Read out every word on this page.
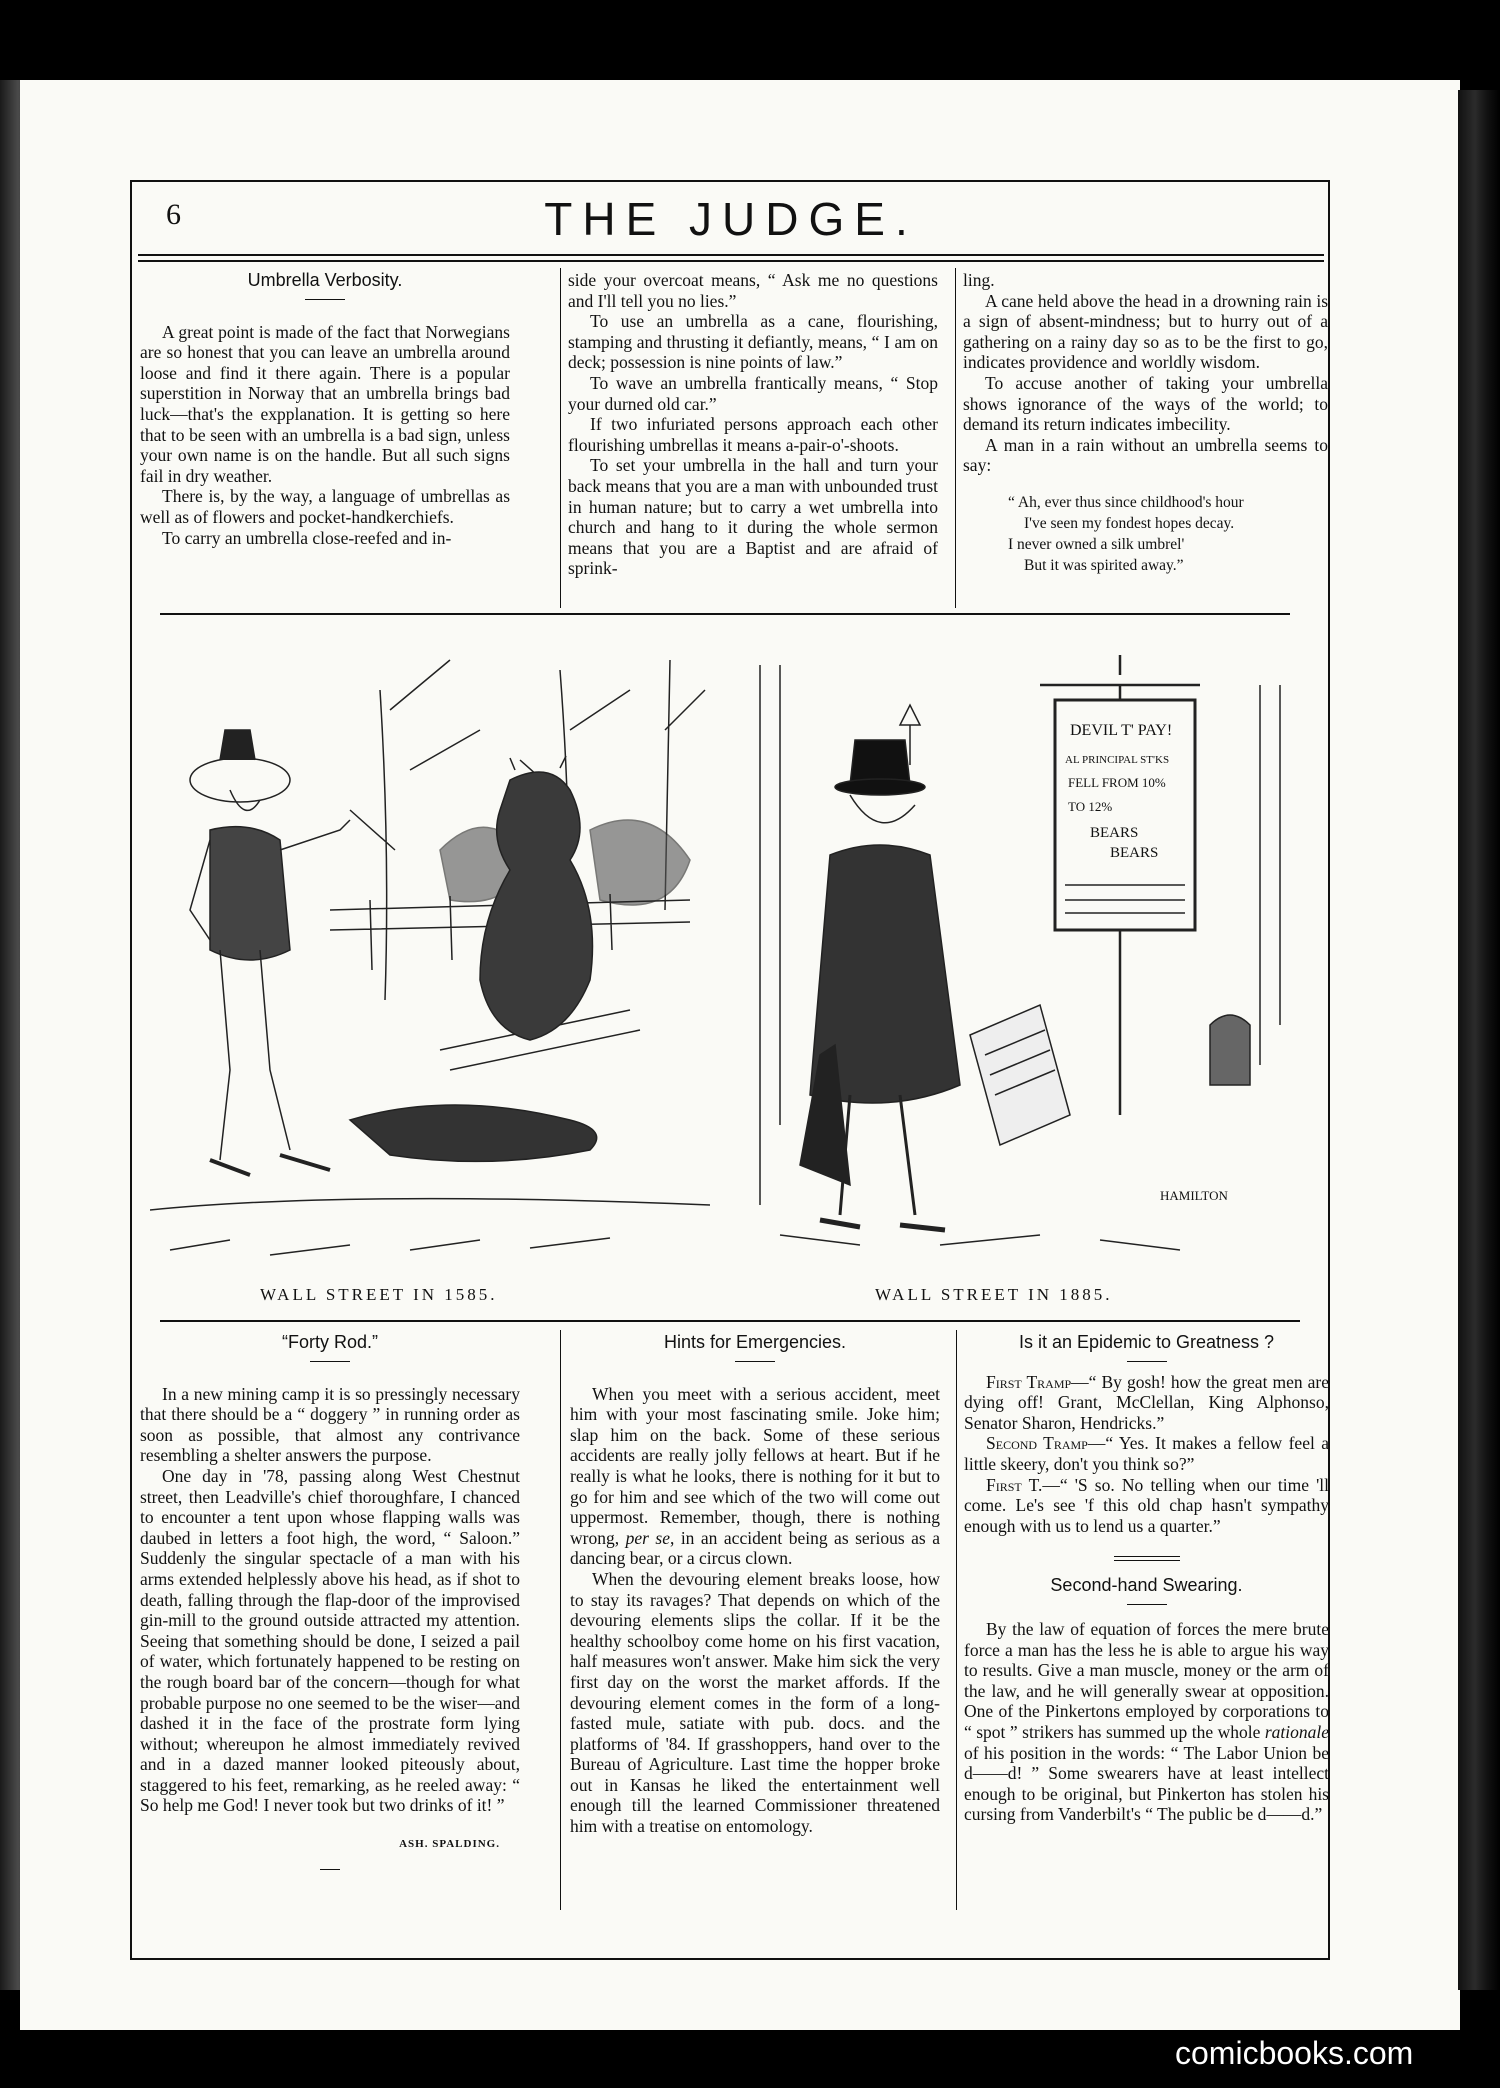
6	THE JUDGE.
Umbrella Verbosity.

A great point is made of the fact that Norwegians are so honest that you can leave an umbrella around loose and find it there again. There is a popular superstition in Norway that an umbrella brings bad luck—that's the expplanation. It is getting so here that to be seen with an umbrella is a bad sign, unless your own name is on the handle. But all such signs fail in dry weather.

There is, by the way, a language of umbrellas as well as of flowers and pocket-handkerchiefs.

To carry an umbrella close-reefed and in-

side your overcoat means, “ Ask me no questions and I'll tell you no lies.”

To use an umbrella as a cane, flourishing, stamping and thrusting it defiantly, means, “ I am on deck; possession is nine points of law.”

To wave an umbrella frantically means, “ Stop your durned old car.”

If two infuriated persons approach each other flourishing umbrellas it means a-pair-o'-shoots.

To set your umbrella in the hall and turn your back means that you are a man with unbounded trust in human nature; but to carry a wet umbrella into church and hang to it during the whole sermon means that you are a Baptist and are afraid of sprink-

ling.

A cane held above the head in a drowning rain is a sign of absent-mindness; but to hurry out of a gathering on a rainy day so as to be the first to go, indicates providence and worldly wisdom.

To accuse another of taking your umbrella shows ignorance of the ways of the world; to demand its return indicates imbecility.

A man in a rain without an umbrella seems to say:

“ Ah, ever thus since childhood's hour
I've seen my fondest hopes decay.
I never owned a silk umbrel'
But it was spirited away.”
WALL STREET IN 1585.
DEVIL T' PAY!
AL PRINCIPAL ST'KS
FELL FROM 10%
TO 12%
BEARS
BEARS
HAMILTON
WALL STREET IN 1885.
“Forty Rod.”

In a new mining camp it is so pressingly necessary that there should be a “ doggery ” in running order as soon as possible, that almost any contrivance resembling a shelter answers the purpose.

One day in '78, passing along West Chestnut street, then Leadville's chief thoroughfare, I chanced to encounter a tent upon whose flapping walls was daubed in letters a foot high, the word, “ Saloon.” Suddenly the singular spectacle of a man with his arms extended helplessly above his head, as if shot to death, falling through the flap-door of the improvised gin-mill to the ground outside attracted my attention. Seeing that something should be done, I seized a pail of water, which fortunately happened to be resting on the rough board bar of the concern—though for what probable purpose no one seemed to be the wiser—and dashed it in the face of the prostrate form lying without; whereupon he almost immediately revived and in a dazed manner looked piteously about, staggered to his feet, remarking, as he reeled away: “ So help me God! I never took but two drinks of it! ”

ASH. SPALDING.
Hints for Emergencies.

When you meet with a serious accident, meet him with your most fascinating smile. Joke him; slap him on the back. Some of these serious accidents are really jolly fellows at heart. But if he really is what he looks, there is nothing for it but to go for him and see which of the two will come out uppermost. Remember, though, there is nothing wrong, per se, in an accident being as serious as a dancing bear, or a circus clown.

When the devouring element breaks loose, how to stay its ravages? That depends on which of the devouring elements slips the collar. If it be the healthy schoolboy come home on his first vacation, half measures won't answer. Make him sick the very first day on the worst the market affords. If the devouring element comes in the form of a long-fasted mule, satiate with pub. docs. and the platforms of '84. If grasshoppers, hand over to the Bureau of Agriculture. Last time the hopper broke out in Kansas he liked the entertainment well enough till the learned Commissioner threatened him with a treatise on entomology.

Is it an Epidemic to Greatness ?

First Tramp—“ By gosh! how the great men are dying off! Grant, McClellan, King Alphonso, Senator Sharon, Hendricks.”

Second Tramp—“ Yes. It makes a fellow feel a little skeery, don't you think so?”

First T.—“ 'S so. No telling when our time 'll come. Le's see 'f this old chap hasn't sympathy enough with us to lend us a quarter.”

Second-hand Swearing.

By the law of equation of forces the mere brute force a man has the less he is able to argue his way to results. Give a man muscle, money or the arm of the law, and he will generally swear at opposition. One of the Pinkertons employed by corporations to “ spot ” strikers has summed up the whole rationale of his position in the words: “ The Labor Union be d——d! ” Some swearers have at least intellect enough to be original, but Pinkerton has stolen his cursing from Vanderbilt's “ The public be d——d.”

comicbooks.com
